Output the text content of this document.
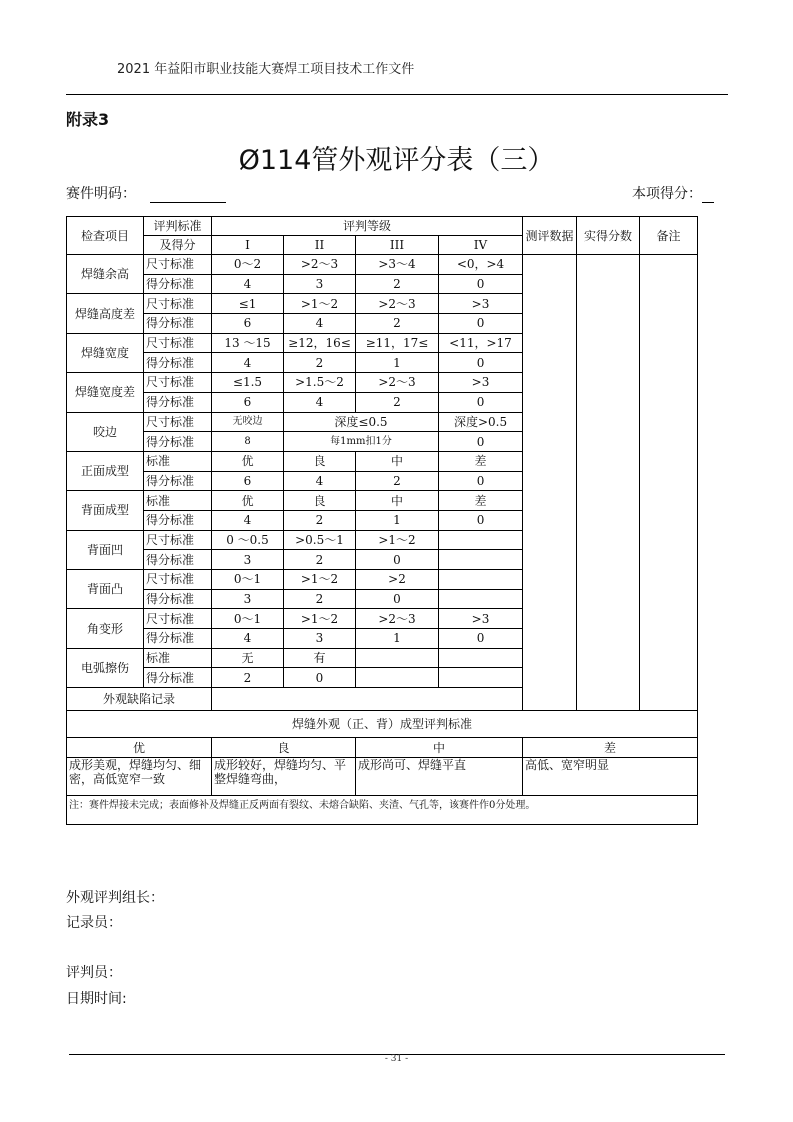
2021 年益阳市职业技能大赛焊工项目技术工作文件
附录3
Ø114管外观评分表（三）
赛件明码：	本项得分：
检查项目	评判标准	评判等级				测评数据	实得分数	备注
	及得分	I	II	III	IV			
焊缝余高	尺寸标准	0～2	>2～3	>3～4	<0，>4			
	得分标准	4	3	2	0			
焊缝高度差	尺寸标准	≤1	>1～2	>2～3	>3			
	得分标准	6	4	2	0			
焊缝宽度	尺寸标准	13 ～15	≥12，16≤	≥11，17≤	<11，>17			
	得分标准	4	2	1	0			
焊缝宽度差	尺寸标准	≤1.5	>1.5～2	>2～3	>3			
	得分标准	6	4	2	0			
咬边	尺寸标准	无咬边	深度≤0.5		深度>0.5			
	得分标准	8	每1mm扣1分		0			
正面成型	标准	优	良	中	差			
	得分标准	6	4	2	0			
背面成型	标准	优	良	中	差			
	得分标准	4	2	1	0			
背面凹	尺寸标准	0 ～0.5	>0.5～1	>1～2				
	得分标准	3	2	0				
背面凸	尺寸标准	0～1	>1～2	>2				
	得分标准	3	2	0				
角变形	尺寸标准	0～1	>1～2	>2～3	>3			
	得分标准	4	3	1	0			
电弧擦伤	标准	无	有					
	得分标准	2	0					
外观缺陷记录								
焊缝外观（正、背）成型评判标准								
优		良		中		差		
成形美观，焊缝均匀、细密，高低宽窄一致		成形较好，焊缝均匀、平整焊缝弯曲，		成形尚可、焊缝平直		高低、宽窄明显		
注：赛件焊接未完成；表面修补及焊缝正反两面有裂纹、未熔合缺陷、夹渣、气孔等，该赛件作0分处理。								
外观评判组长：
记录员：
评判员：
日期时间:
- 31 -
